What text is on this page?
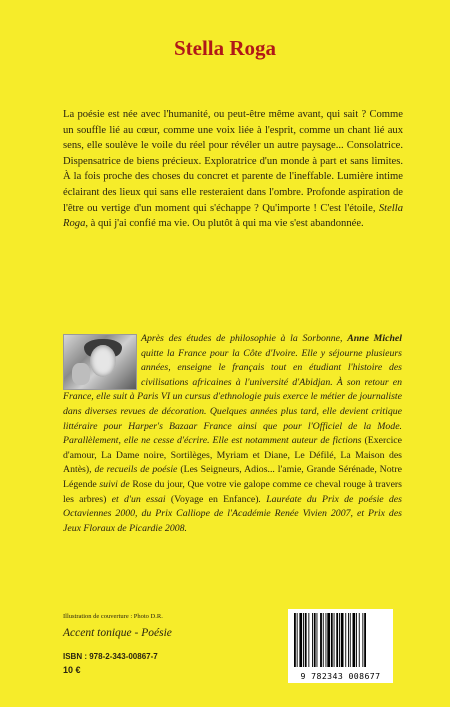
Stella Roga

La poésie est née avec l'humanité, ou peut-être même avant, qui sait ? Comme un souffle lié au cœur, comme une voix liée à l'esprit, comme un chant lié aux sens, elle soulève le voile du réel pour révéler un autre paysage... Consolatrice. Dispensatrice de biens précieux. Exploratrice d'un monde à part et sans limites. À la fois proche des choses du concret et parente de l'ineffable. Lumière intime éclairant des lieux qui sans elle resteraient dans l'ombre. Profonde aspiration de l'être ou vertige d'un moment qui s'échappe ? Qu'importe ! C'est l'étoile, Stella Roga, à qui j'ai confié ma vie. Ou plutôt à qui ma vie s'est abandonnée.

Après des études de philosophie à la Sorbonne, Anne Michel quitte la France pour la Côte d'Ivoire. Elle y séjourne plusieurs années, enseigne le français tout en étudiant l'histoire des civilisations africaines à l'université d'Abidjan. À son retour en France, elle suit à Paris VI un cursus d'ethnologie puis exerce le métier de journaliste dans diverses revues de décoration. Quelques années plus tard, elle devient critique littéraire pour Harper's Bazaar France ainsi que pour l'Officiel de la Mode. Parallèlement, elle ne cesse d'écrire. Elle est notamment auteur de fictions (Exercice d'amour, La Dame noire, Sortilèges, Myriam et Diane, Le Défilé, La Maison des Antès), de recueils de poésie (Les Seigneurs, Adios... l'amie, Grande Sérénade, Notre Légende suivi de Rose du jour, Que votre vie galope comme ce cheval rouge à travers les arbres) et d'un essai (Voyage en Enfance). Lauréate du Prix de poésie des Octaviennes 2000, du Prix Calliope de l'Académie Renée Vivien 2007, et Prix des Jeux Floraux de Picardie 2008.

Illustration de couverture : Photo D.R.
Accent tonique - Poésie
ISBN : 978-2-343-00867-7
10 €
9 782343 008677
